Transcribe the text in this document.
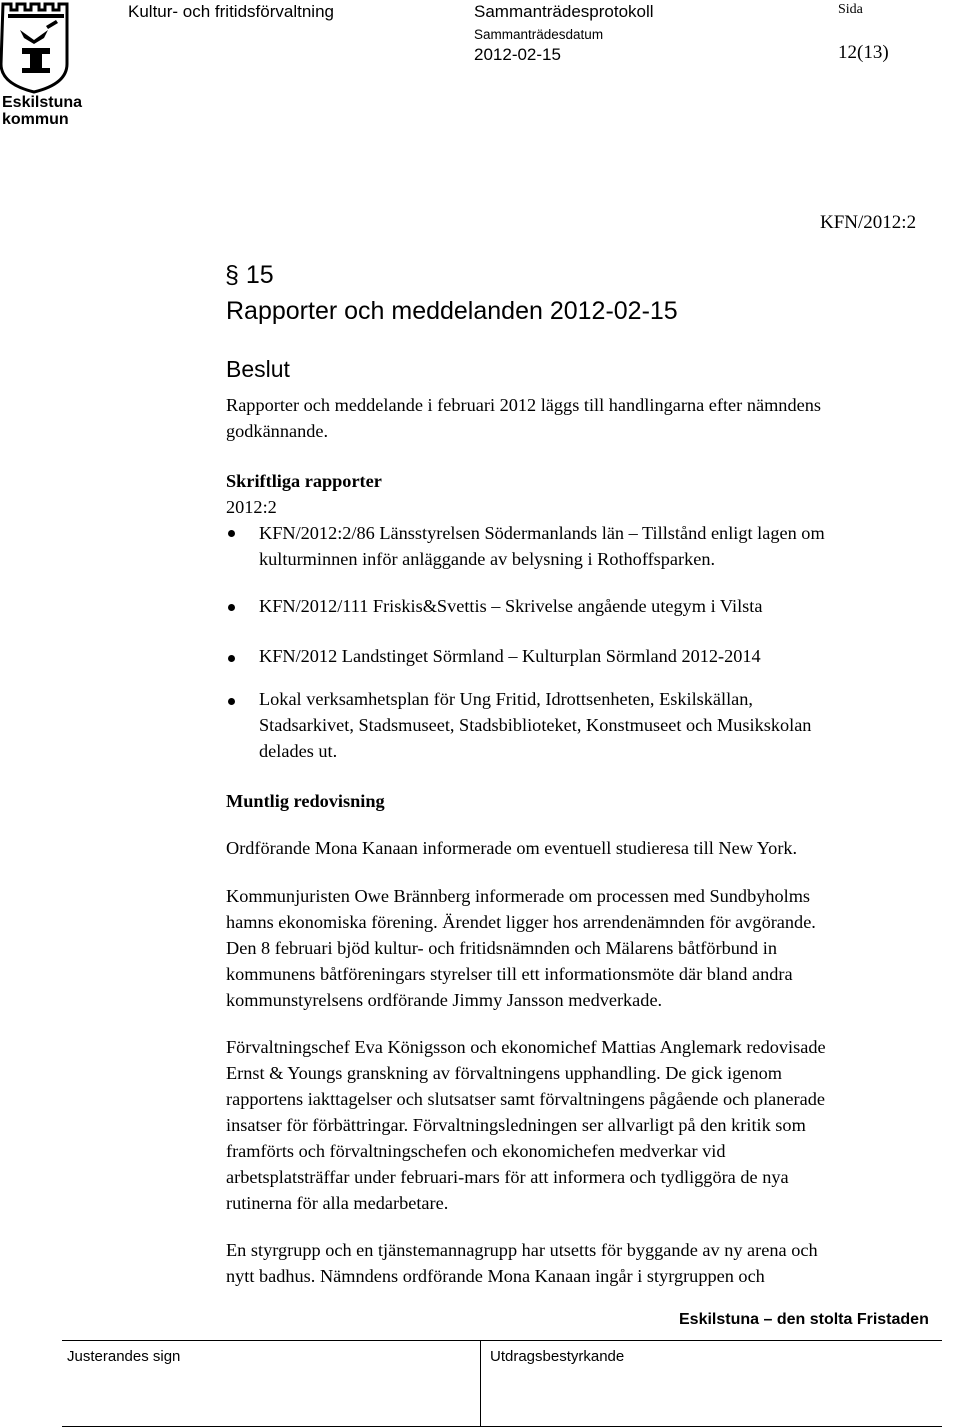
Eskilstuna
kommun
Kultur- och fritidsförvaltning	Sammanträdesprotokoll	Sida
Sammanträdesdatum
2012-02-15	12(13)
KFN/2012:2
§ 15
Rapporter och meddelanden 2012-02-15
Beslut
Rapporter och meddelande i februari 2012 läggs till handlingarna efter nämndens
godkännande.
Skriftliga rapporter
2012:2
KFN/2012:2/86 Länsstyrelsen Södermanlands län – Tillstånd enligt lagen om
kulturminnen inför anläggande av belysning i Rothoffsparken.
KFN/2012/111 Friskis&Svettis – Skrivelse angående utegym i Vilsta
KFN/2012 Landstinget Sörmland – Kulturplan Sörmland 2012-2014
Lokal verksamhetsplan för Ung Fritid, Idrottsenheten, Eskilskällan,
Stadsarkivet, Stadsmuseet, Stadsbiblioteket, Konstmuseet och Musikskolan
delades ut.
Muntlig redovisning
Ordförande Mona Kanaan informerade om eventuell studieresa till New York.
Kommunjuristen Owe Brännberg informerade om processen med Sundbyholms
hamns ekonomiska förening. Ärendet ligger hos arrendenämnden för avgörande.
Den 8 februari bjöd kultur- och fritidsnämnden och Mälarens båtförbund in
kommunens båtföreningars styrelser till ett informationsmöte där bland andra
kommunstyrelsens ordförande Jimmy Jansson medverkade.
Förvaltningschef Eva Königsson och ekonomichef Mattias Anglemark redovisade
Ernst & Youngs granskning av förvaltningens upphandling. De gick igenom
rapportens iakttagelser och slutsatser samt förvaltningens pågående och planerade
insatser för förbättringar. Förvaltningsledningen ser allvarligt på den kritik som
framförts och förvaltningschefen och ekonomichefen medverkar vid
arbetsplatsträffar under februari-mars för att informera och tydliggöra de nya
rutinerna för alla medarbetare.
En styrgrupp och en tjänstemannagrupp har utsetts för byggande av ny arena och
nytt badhus. Nämndens ordförande Mona Kanaan ingår i styrgruppen och
Eskilstuna – den stolta Fristaden
Justerandes sign	Utdragsbestyrkande
